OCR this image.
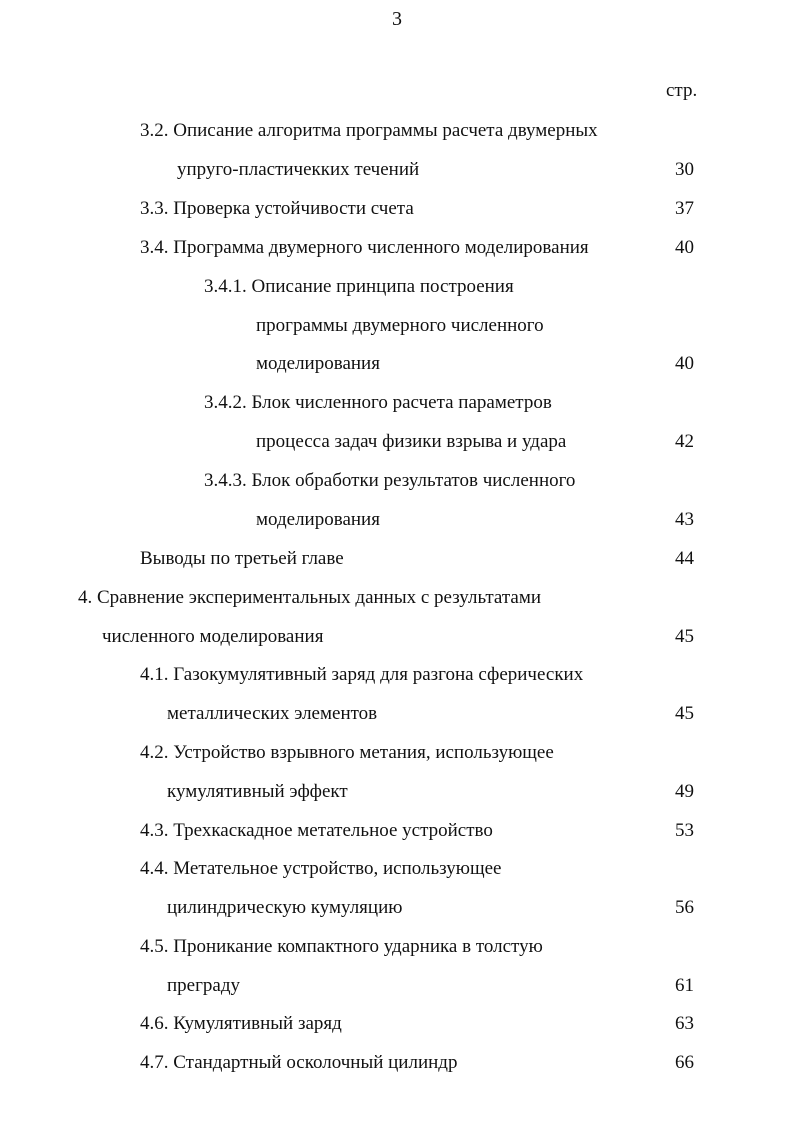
3
стр.
3.2. Описание алгоритма программы расчета двумерных
упруго-пластичекких течений	30
3.3. Проверка устойчивости счета	37
3.4. Программа двумерного численного моделирования	40
3.4.1. Описание принципа построения
программы двумерного численного
моделирования	40
3.4.2. Блок численного расчета параметров
процесса задач физики взрыва и удара	42
3.4.3. Блок обработки результатов численного
моделирования	43
Выводы по третьей главе	44
4. Сравнение экспериментальных данных с результатами
численного моделирования	45
4.1. Газокумулятивный заряд для разгона сферических
металлических элементов	45
4.2. Устройство взрывного метания, использующее
кумулятивный эффект	49
4.3. Трехкаскадное метательное устройство	53
4.4. Метательное устройство, использующее
цилиндрическую кумуляцию	56
4.5. Проникание компактного ударника в толстую
преграду	61
4.6. Кумулятивный заряд	63
4.7. Стандартный осколочный цилиндр	66
